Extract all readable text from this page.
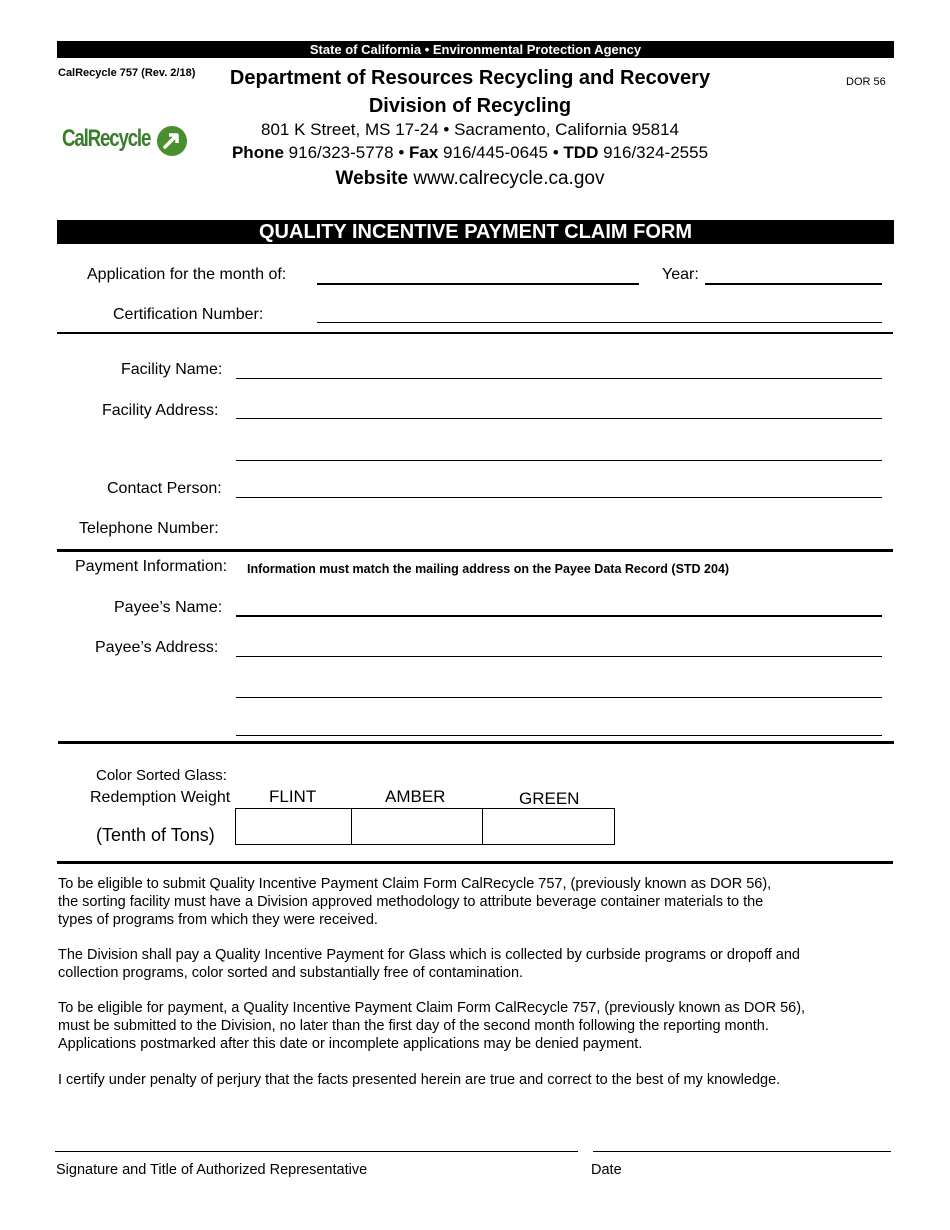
State of California • Environmental Protection Agency
CalRecycle 757 (Rev. 2/18)
DOR 56
Department of Resources Recycling and Recovery
Division of Recycling
801 K Street, MS 17-24 • Sacramento, California 95814
Phone 916/323-5778 • Fax 916/445-0645 • TDD 916/324-2555
Website www.calrecycle.ca.gov
CalRecycle
QUALITY INCENTIVE PAYMENT CLAIM FORM
Application for the month of:	Year:
Certification Number:
Facility Name:
Facility Address:
Contact Person:
Telephone Number:
Payment Information: Information must match the mailing address on the Payee Data Record (STD 204)
Payee’s Name:
Payee’s Address:
Color Sorted Glass:
Redemption Weight
(Tenth of Tons)
FLINT	AMBER	GREEN
To be eligible to submit Quality Incentive Payment Claim Form CalRecycle 757, (previously known as DOR 56),
the sorting facility must have a Division approved methodology to attribute beverage container materials to the
types of programs from which they were received.
The Division shall pay a Quality Incentive Payment for Glass which is collected by curbside programs or dropoff and
collection programs, color sorted and substantially free of contamination.
To be eligible for payment, a Quality Incentive Payment Claim Form CalRecycle 757, (previously known as DOR 56),
must be submitted to the Division, no later than the first day of the second month following the reporting month.
Applications postmarked after this date or incomplete applications may be denied payment.
I certify under penalty of perjury that the facts presented herein are true and correct to the best of my knowledge.
Signature and Title of Authorized Representative	Date
